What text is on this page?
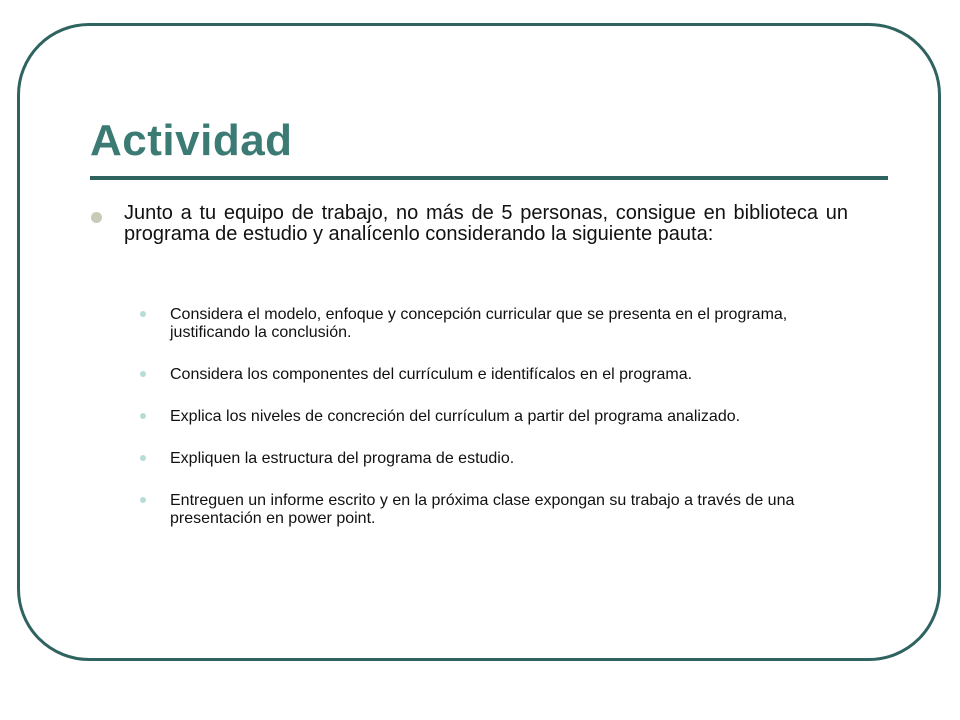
Actividad
Junto a tu equipo de trabajo, no más de 5 personas, consigue en biblioteca un programa de estudio y analícenlo considerando la siguiente pauta:
Considera el modelo, enfoque y concepción curricular que se presenta en el programa, justificando la conclusión.
Considera los componentes del currículum e identifícalos en el programa.
Explica los niveles de concreción del currículum a partir del programa analizado.
Expliquen la estructura del programa de estudio.
Entreguen un informe escrito y en la próxima clase expongan su trabajo a través de una presentación en power point.
